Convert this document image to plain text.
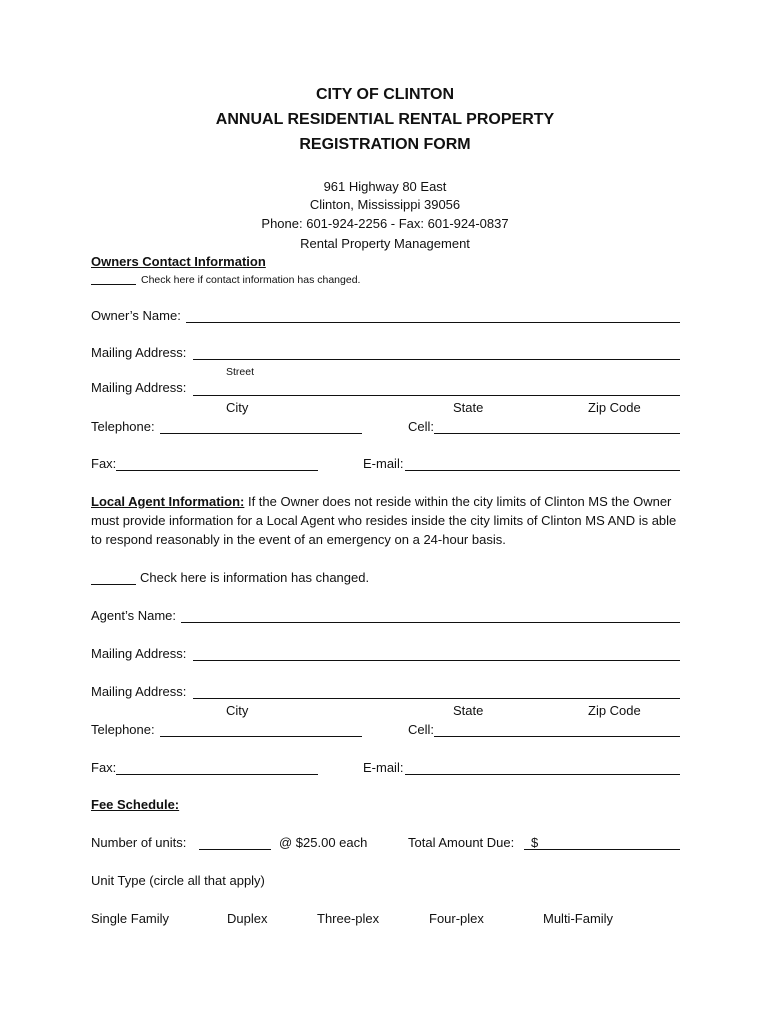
CITY OF CLINTON
ANNUAL RESIDENTIAL RENTAL PROPERTY
REGISTRATION FORM
961 Highway 80 East
Clinton, Mississippi 39056
Phone: 601-924-2256 - Fax: 601-924-0837
Rental Property Management
Owners Contact Information
Check here if contact information has changed.
Owner’s Name:
Mailing Address:
Street
Mailing Address:
City	State	Zip Code
Telephone:	Cell:
Fax:	E-mail:
Local Agent Information: If the Owner does not reside within the city limits of Clinton MS the Owner must provide information for a Local Agent who resides inside the city limits of Clinton MS AND is able to respond reasonably in the event of an emergency on a 24-hour basis.
Check here is information has changed.
Agent’s Name:
Mailing Address:
Mailing Address:
City	State	Zip Code
Telephone:	Cell:
Fax:	E-mail:
Fee Schedule:
Number of units:	@ $25.00 each	Total Amount Due: $
Unit Type (circle all that apply)
Single Family	Duplex	Three-plex	Four-plex	Multi-Family
